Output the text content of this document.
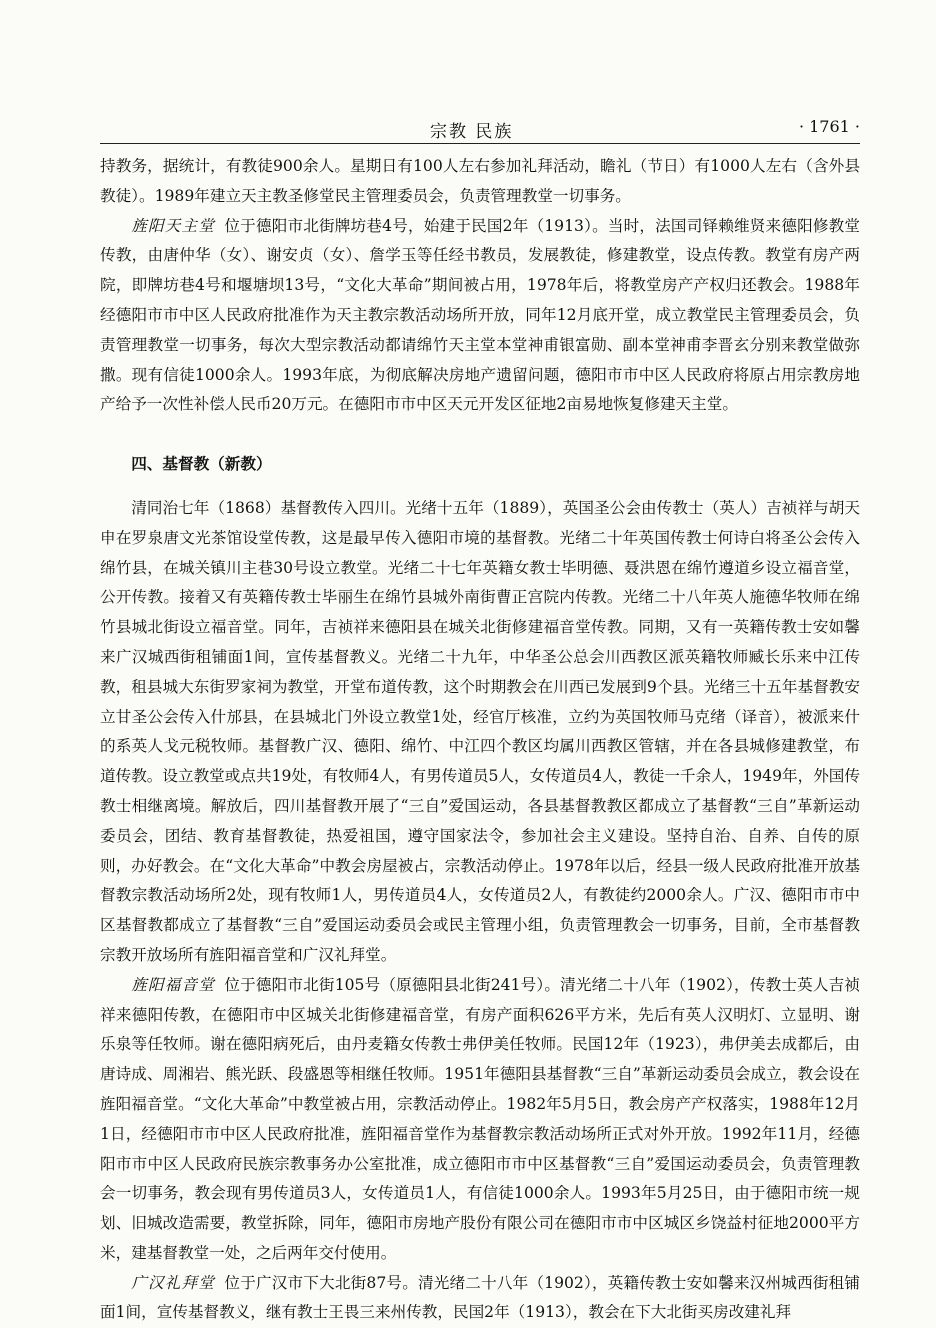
宗教 民族	· 1761 ·

持教务，据统计，有教徒900余人。星期日有100人左右参加礼拜活动，瞻礼（节日）有1000人左右（含外县教徒）。1989年建立天主教圣修堂民主管理委员会，负责管理教堂一切事务。

旌阳天主堂 位于德阳市北街牌坊巷4号，始建于民国2年（1913）。当时，法国司铎赖维贤来德阳修教堂传教，由唐仲华（女）、谢安贞（女）、詹学玉等任经书教员，发展教徒，修建教堂，设点传教。教堂有房产两院，即牌坊巷4号和堰塘坝13号，“文化大革命”期间被占用，1978年后，将教堂房产产权归还教会。1988年经德阳市市中区人民政府批准作为天主教宗教活动场所开放，同年12月底开堂，成立教堂民主管理委员会，负责管理教堂一切事务，每次大型宗教活动都请绵竹天主堂本堂神甫银富勋、副本堂神甫李晋玄分别来教堂做弥撒。现有信徒1000余人。1993年底，为彻底解决房地产遗留问题，德阳市市中区人民政府将原占用宗教房地产给予一次性补偿人民币20万元。在德阳市市中区天元开发区征地2亩易地恢复修建天主堂。

四、基督教（新教）

清同治七年（1868）基督教传入四川。光绪十五年（1889），英国圣公会由传教士（英人）吉祯祥与胡天申在罗泉唐文光茶馆设堂传教，这是最早传入德阳市境的基督教。光绪二十年英国传教士何诗白将圣公会传入绵竹县，在城关镇川主巷30号设立教堂。光绪二十七年英籍女教士毕明德、聂洪恩在绵竹遵道乡设立福音堂，公开传教。接着又有英籍传教士毕丽生在绵竹县城外南街曹正宫院内传教。光绪二十八年英人施德华牧师在绵竹县城北街设立福音堂。同年，吉祯祥来德阳县在城关北街修建福音堂传教。同期，又有一英籍传教士安如馨来广汉城西街租铺面1间，宣传基督教义。光绪二十九年，中华圣公总会川西教区派英籍牧师臧长乐来中江传教，租县城大东街罗家祠为教堂，开堂布道传教，这个时期教会在川西已发展到9个县。光绪三十五年基督教安立甘圣公会传入什邡县，在县城北门外设立教堂1处，经官厅核准，立约为英国牧师马克绪（译音），被派来什的系英人戈元税牧师。基督教广汉、德阳、绵竹、中江四个教区均属川西教区管辖，并在各县城修建教堂，布道传教。设立教堂或点共19处，有牧师4人，有男传道员5人，女传道员4人，教徒一千余人，1949年，外国传教士相继离境。解放后，四川基督教开展了“三自”爱国运动，各县基督教教区都成立了基督教“三自”革新运动委员会，团结、教育基督教徒，热爱祖国，遵守国家法令，参加社会主义建设。坚持自治、自养、自传的原则，办好教会。在“文化大革命”中教会房屋被占，宗教活动停止。1978年以后，经县一级人民政府批准开放基督教宗教活动场所2处，现有牧师1人，男传道员4人，女传道员2人，有教徒约2000余人。广汉、德阳市市中区基督教都成立了基督教“三自”爱国运动委员会或民主管理小组，负责管理教会一切事务，目前，全市基督教宗教开放场所有旌阳福音堂和广汉礼拜堂。

旌阳福音堂 位于德阳市北街105号（原德阳县北街241号）。清光绪二十八年（1902），传教士英人吉祯祥来德阳传教，在德阳市中区城关北街修建福音堂，有房产面积626平方米，先后有英人汉明灯、立显明、谢乐泉等任牧师。谢在德阳病死后，由丹麦籍女传教士弗伊美任牧师。民国12年（1923），弗伊美去成都后，由唐诗成、周湘岩、熊光跃、段盛恩等相继任牧师。1951年德阳县基督教“三自”革新运动委员会成立，教会设在旌阳福音堂。“文化大革命”中教堂被占用，宗教活动停止。1982年5月5日，教会房产产权落实，1988年12月1日，经德阳市市中区人民政府批准，旌阳福音堂作为基督教宗教活动场所正式对外开放。1992年11月，经德阳市市中区人民政府民族宗教事务办公室批准，成立德阳市市中区基督教“三自”爱国运动委员会，负责管理教会一切事务，教会现有男传道员3人，女传道员1人，有信徒1000余人。1993年5月25日，由于德阳市统一规划、旧城改造需要，教堂拆除，同年，德阳市房地产股份有限公司在德阳市市中区城区乡饶益村征地2000平方米，建基督教堂一处，之后两年交付使用。

广汉礼拜堂 位于广汉市下大北街87号。清光绪二十八年（1902），英籍传教士安如馨来汉州城西街租铺面1间，宣传基督教义，继有教士王畏三来州传教，民国2年（1913），教会在下大北街买房改建礼拜
